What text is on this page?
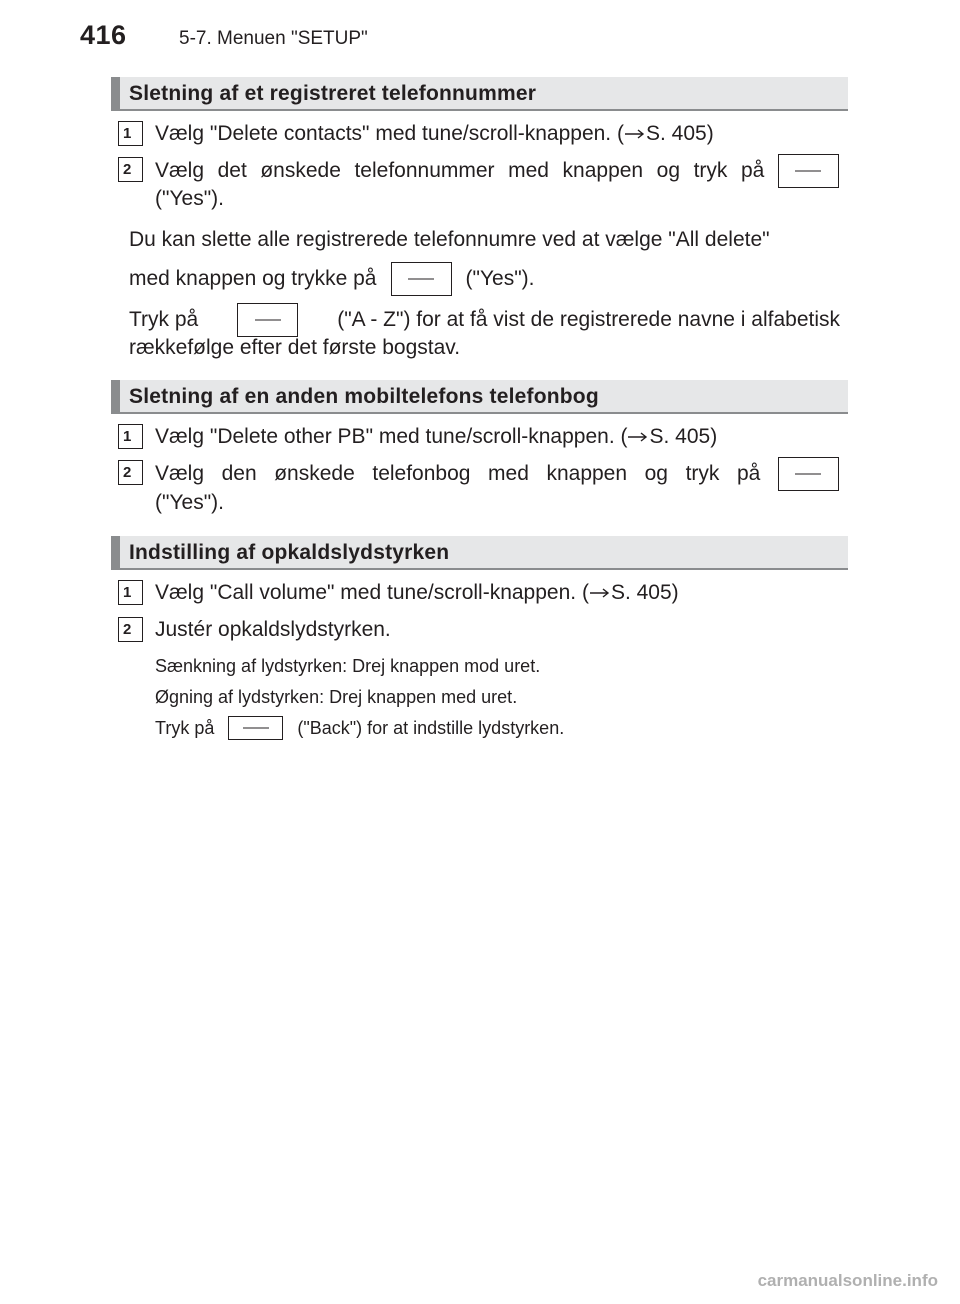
416	5-7. Menuen "SETUP"
Sletning af et registreret telefonnummer
1	Vælg "Delete contacts" med tune/scroll-knappen. ( S. 405)
2	Vælg det ønskede telefonnummer med knappen og tryk på
("Yes").
Du kan slette alle registrerede telefonnumre ved at vælge "All delete"
med knappen og trykke på	("Yes").
Tryk på	("A - Z") for at få vist de registrerede navne i alfabetisk
rækkefølge efter det første bogstav.
Sletning af en anden mobiltelefons telefonbog
1	Vælg "Delete other PB" med tune/scroll-knappen. ( S. 405)
2	Vælg den ønskede telefonbog med knappen og tryk på
("Yes").
Indstilling af opkaldslydstyrken
1	Vælg "Call volume" med tune/scroll-knappen. ( S. 405)
2	Justér opkaldslydstyrken.
Sænkning af lydstyrken: Drej knappen mod uret.
Øgning af lydstyrken: Drej knappen med uret.
Tryk på	("Back") for at indstille lydstyrken.
carmanualsonline.info
